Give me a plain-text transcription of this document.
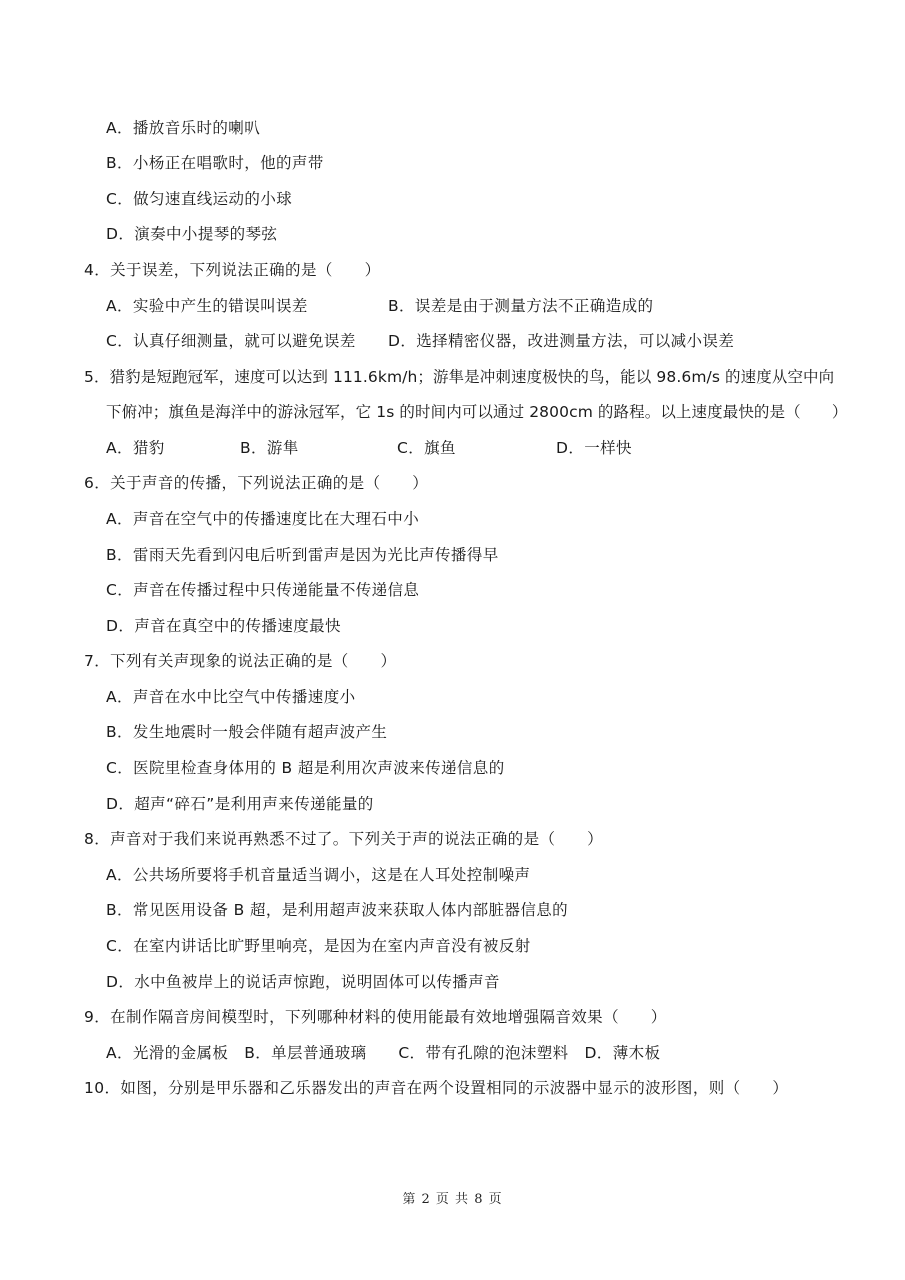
A．播放音乐时的喇叭
B．小杨正在唱歌时，他的声带
C．做匀速直线运动的小球
D．演奏中小提琴的琴弦
4．关于误差，下列说法正确的是（　　）
A．实验中产生的错误叫误差	B．误差是由于测量方法不正确造成的
C．认真仔细测量，就可以避免误差 D．选择精密仪器，改进测量方法，可以减小误差
5．猎豹是短跑冠军，速度可以达到 111.6km/h；游隼是冲刺速度极快的鸟，能以 98.6m/s 的速度从空中向
下俯冲；旗鱼是海洋中的游泳冠军，它 1s 的时间内可以通过 2800cm 的路程。以上速度最快的是（　　）
A．猎豹	B．游隼	C．旗鱼	D．一样快
6．关于声音的传播，下列说法正确的是（　　）
A．声音在空气中的传播速度比在大理石中小
B．雷雨天先看到闪电后听到雷声是因为光比声传播得早
C．声音在传播过程中只传递能量不传递信息
D．声音在真空中的传播速度最快
7．下列有关声现象的说法正确的是（　　）
A．声音在水中比空气中传播速度小
B．发生地震时一般会伴随有超声波产生
C．医院里检查身体用的 B 超是利用次声波来传递信息的
D．超声“碎石”是利用声来传递能量的
8．声音对于我们来说再熟悉不过了。下列关于声的说法正确的是（　　）
A．公共场所要将手机音量适当调小，这是在人耳处控制噪声
B．常见医用设备 B 超，是利用超声波来获取人体内部脏器信息的
C．在室内讲话比旷野里响亮，是因为在室内声音没有被反射
D．水中鱼被岸上的说话声惊跑，说明固体可以传播声音
9．在制作隔音房间模型时，下列哪种材料的使用能最有效地增强隔音效果（　　）
A．光滑的金属板　B．单层普通玻璃　　C．带有孔隙的泡沫塑料　D．薄木板
10．如图，分别是甲乐器和乙乐器发出的声音在两个设置相同的示波器中显示的波形图，则（　　）
第 2 页 共 8 页
